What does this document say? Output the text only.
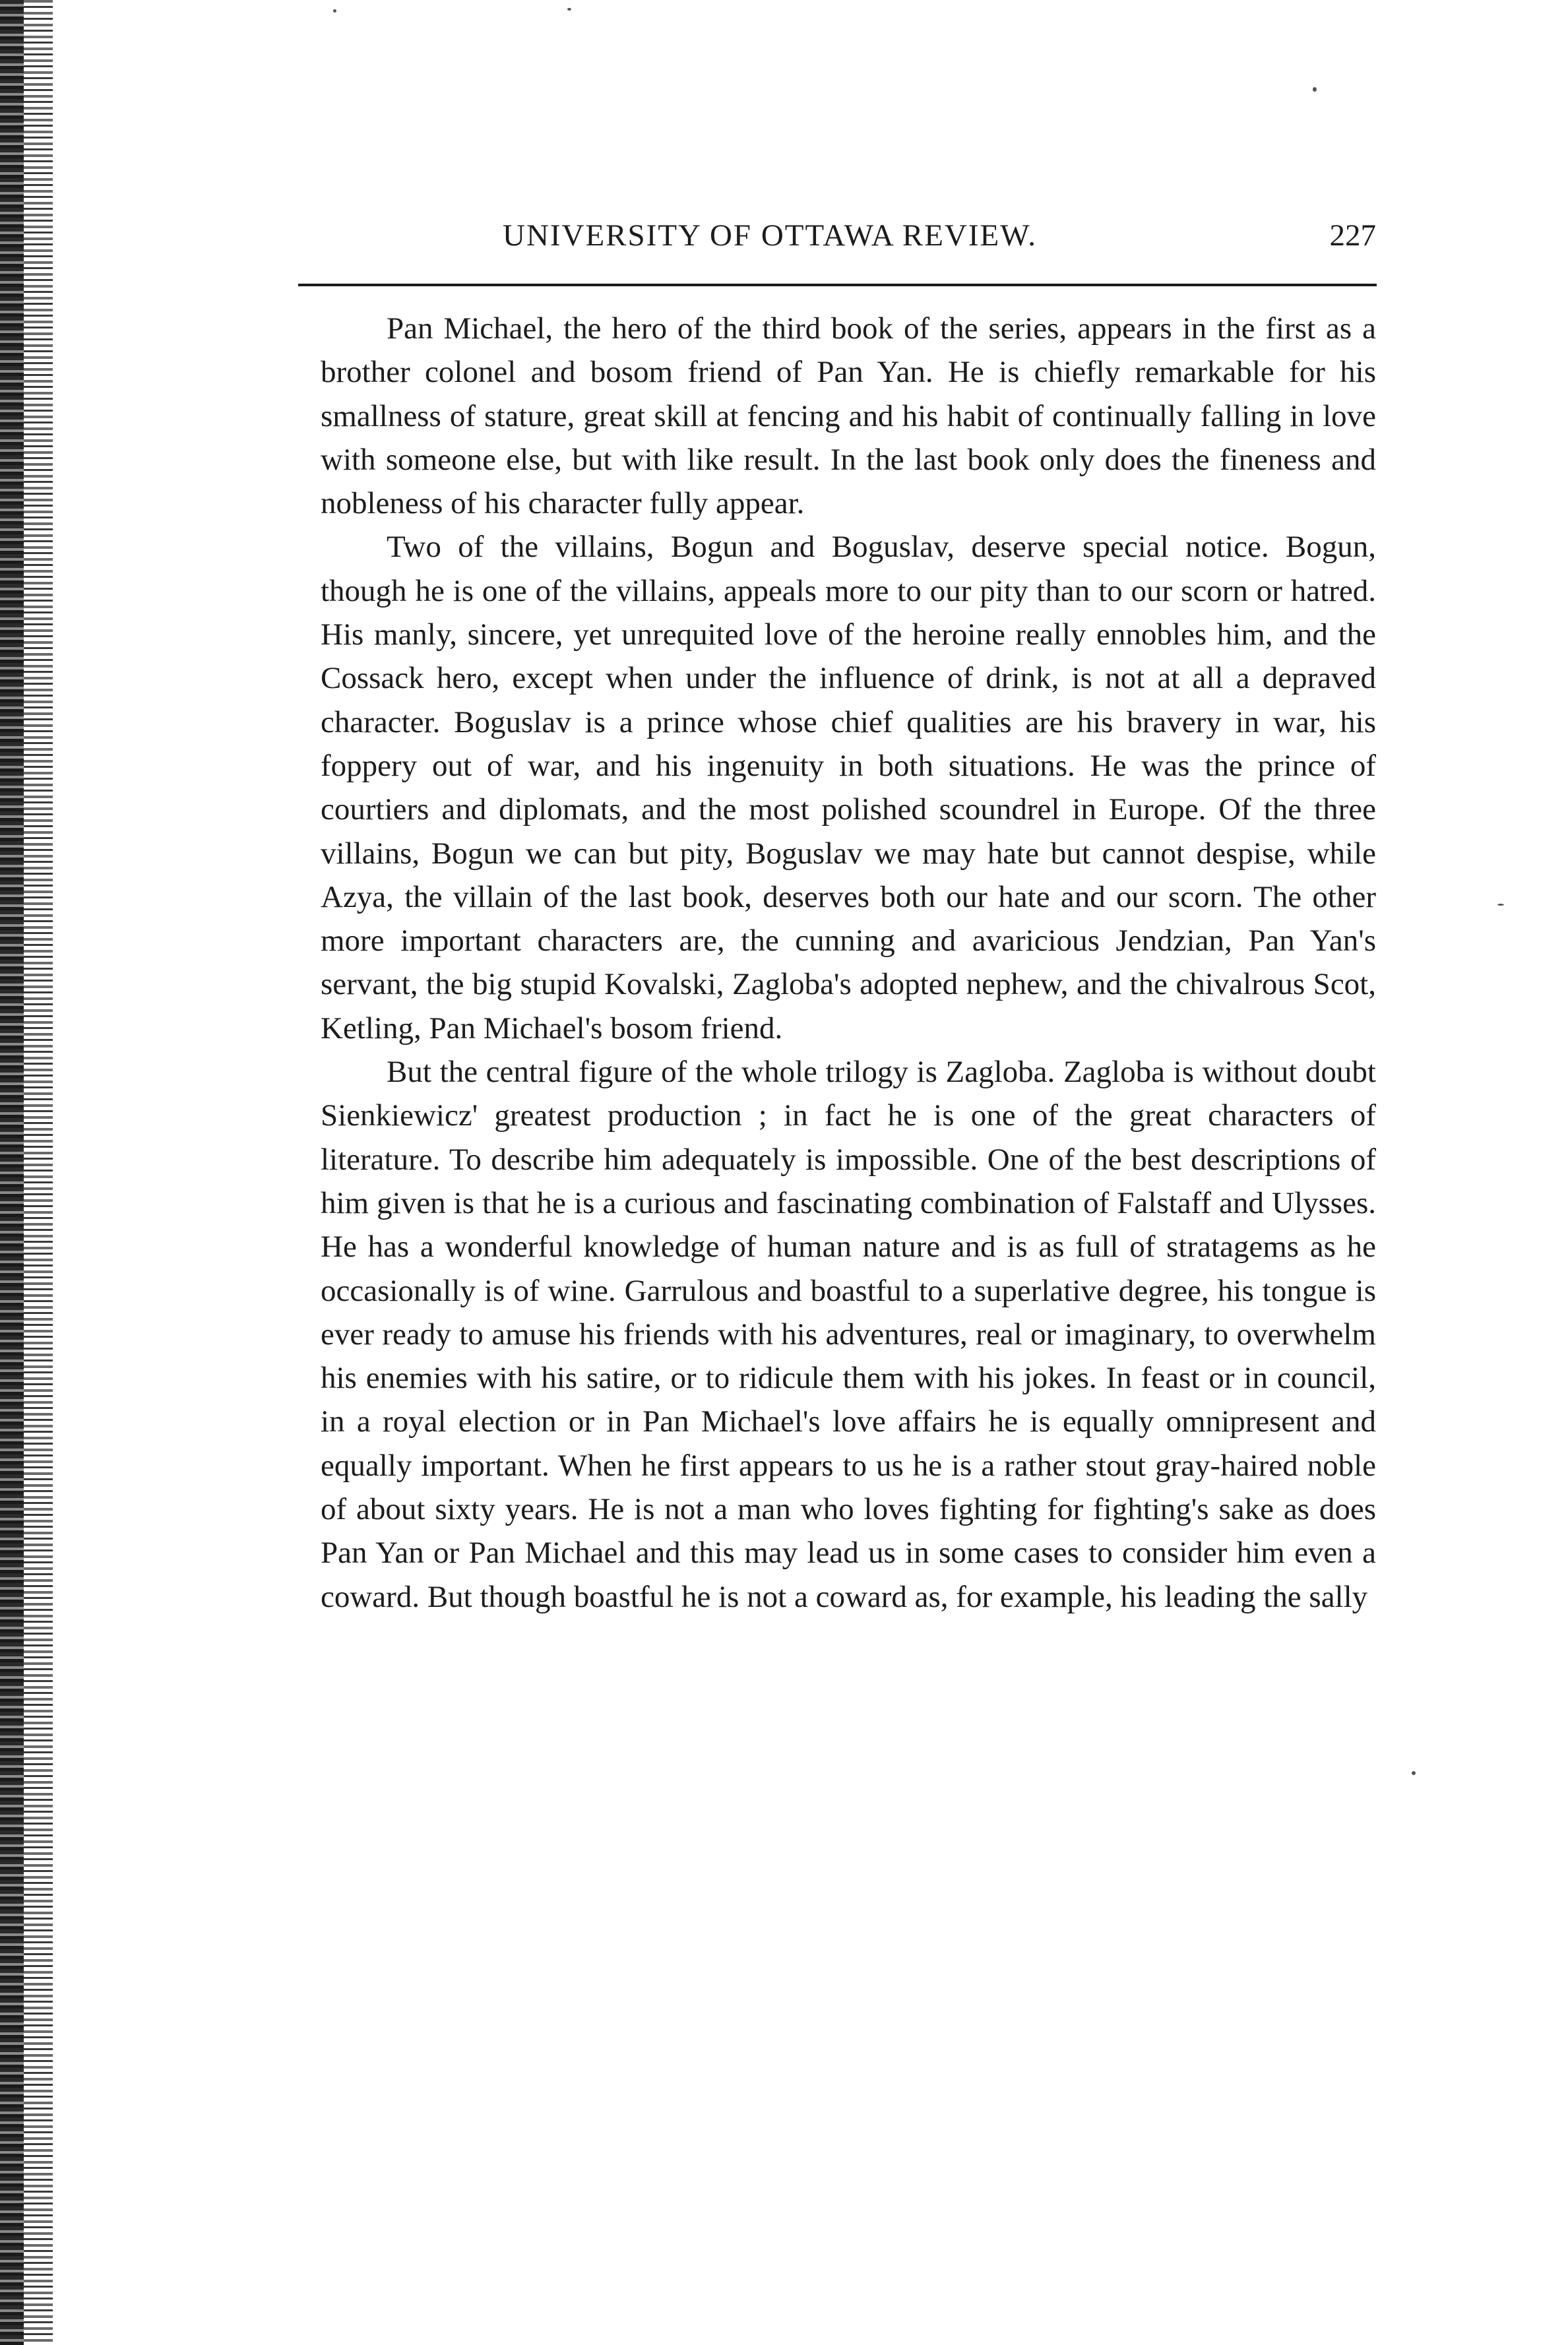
UNIVERSITY OF OTTAWA REVIEW.	227

Pan Michael, the hero of the third book of the series, appears in the first as a brother colonel and bosom friend of Pan Yan. He is chiefly remarkable for his smallness of stature, great skill at fencing and his habit of continually falling in love with someone else, but with like result. In the last book only does the fineness and nobleness of his character fully appear.

Two of the villains, Bogun and Boguslav, deserve special notice. Bogun, though he is one of the villains, appeals more to our pity than to our scorn or hatred. His manly, sincere, yet unrequited love of the heroine really ennobles him, and the Cossack hero, except when under the influence of drink, is not at all a depraved character. Boguslav is a prince whose chief qualities are his bravery in war, his foppery out of war, and his ingenuity in both situations. He was the prince of courtiers and diplomats, and the most polished scoundrel in Europe. Of the three villains, Bogun we can but pity, Boguslav we may hate but cannot despise, while Azya, the villain of the last book, deserves both our hate and our scorn. The other more important characters are, the cunning and avaricious Jendzian, Pan Yan's servant, the big stupid Kovalski, Zagloba's adopted nephew, and the chivalrous Scot, Ketling, Pan Michael's bosom friend.

But the central figure of the whole trilogy is Zagloba. Zagloba is without doubt Sienkiewicz' greatest production ; in fact he is one of the great characters of literature. To describe him adequately is impossible. One of the best descriptions of him given is that he is a curious and fascinating combination of Falstaff and Ulysses. He has a wonderful knowledge of human nature and is as full of stratagems as he occasionally is of wine. Garrulous and boastful to a superlative degree, his tongue is ever ready to amuse his friends with his adventures, real or imaginary, to overwhelm his enemies with his satire, or to ridicule them with his jokes. In feast or in council, in a royal election or in Pan Michael's love affairs he is equally omnipresent and equally important. When he first appears to us he is a rather stout gray-haired noble of about sixty years. He is not a man who loves fighting for fighting's sake as does Pan Yan or Pan Michael and this may lead us in some cases to consider him even a coward. But though boastful he is not a coward as, for example, his leading the sally
